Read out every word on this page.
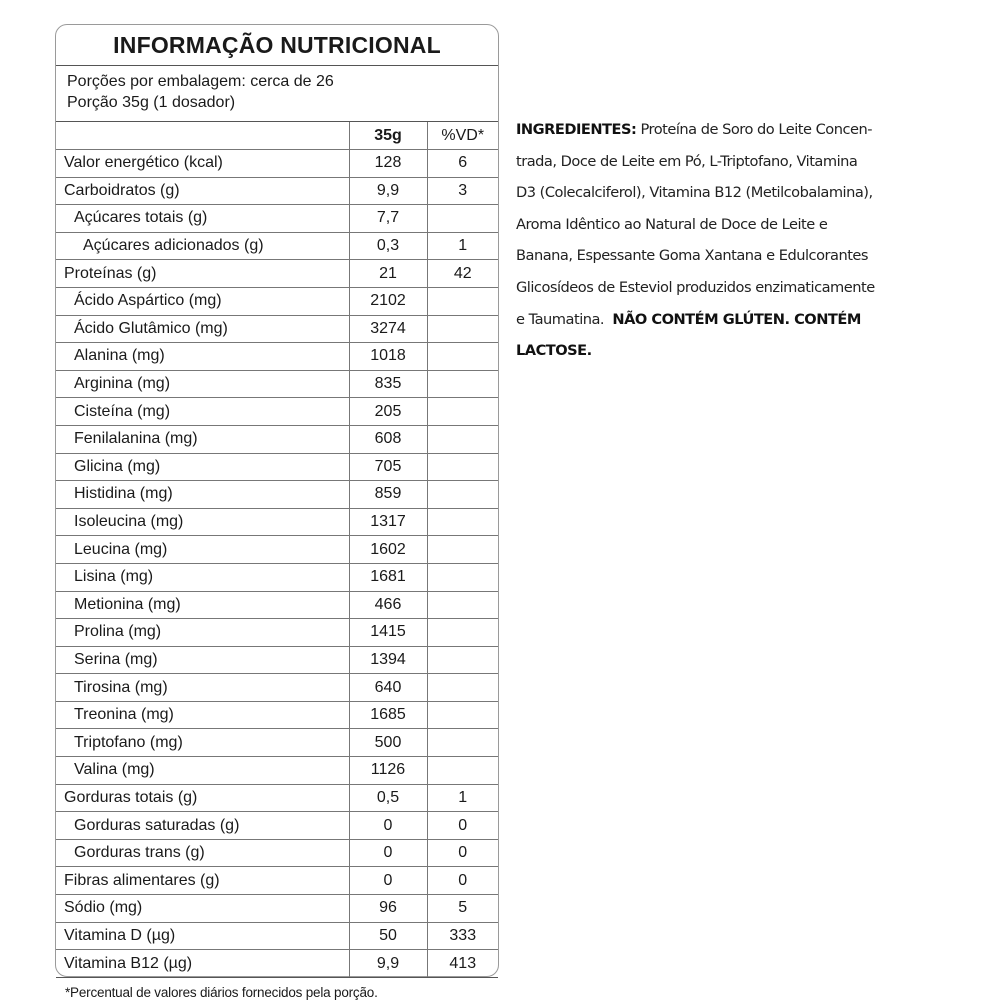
INFORMAÇÃO NUTRICIONAL
Porções por embalagem: cerca de 26
Porção 35g (1 dosador)
	35g	%VD*
Valor energético (kcal)	128	6
Carboidratos (g)	9,9	3
Açúcares totais (g)	7,7	
Açúcares adicionados (g)	0,3	1
Proteínas (g)	21	42
Ácido Aspártico (mg)	2102	
Ácido Glutâmico (mg)	3274	
Alanina (mg)	1018	
Arginina (mg)	835	
Cisteína (mg)	205	
Fenilalanina (mg)	608	
Glicina (mg)	705	
Histidina (mg)	859	
Isoleucina (mg)	1317	
Leucina (mg)	1602	
Lisina (mg)	1681	
Metionina (mg)	466	
Prolina (mg)	1415	
Serina (mg)	1394	
Tirosina (mg)	640	
Treonina (mg)	1685	
Triptofano (mg)	500	
Valina (mg)	1126	
Gorduras totais (g)	0,5	1
Gorduras saturadas (g)	0	0
Gorduras trans (g)	0	0
Fibras alimentares (g)	0	0
Sódio (mg)	96	5
Vitamina D (µg)	50	333
Vitamina B12 (µg)	9,9	413
*Percentual de valores diários fornecidos pela porção.
INGREDIENTES: Proteína de Soro do Leite Concen-
trada, Doce de Leite em Pó, L-Triptofano, Vitamina
D3 (Colecalciferol), Vitamina B12 (Metilcobalamina),
Aroma Idêntico ao Natural de Doce de Leite e
Banana, Espessante Goma Xantana e Edulcorantes
Glicosídeos de Esteviol produzidos enzimaticamente
e Taumatina. NÃO CONTÉM GLÚTEN. CONTÉM
LACTOSE.
